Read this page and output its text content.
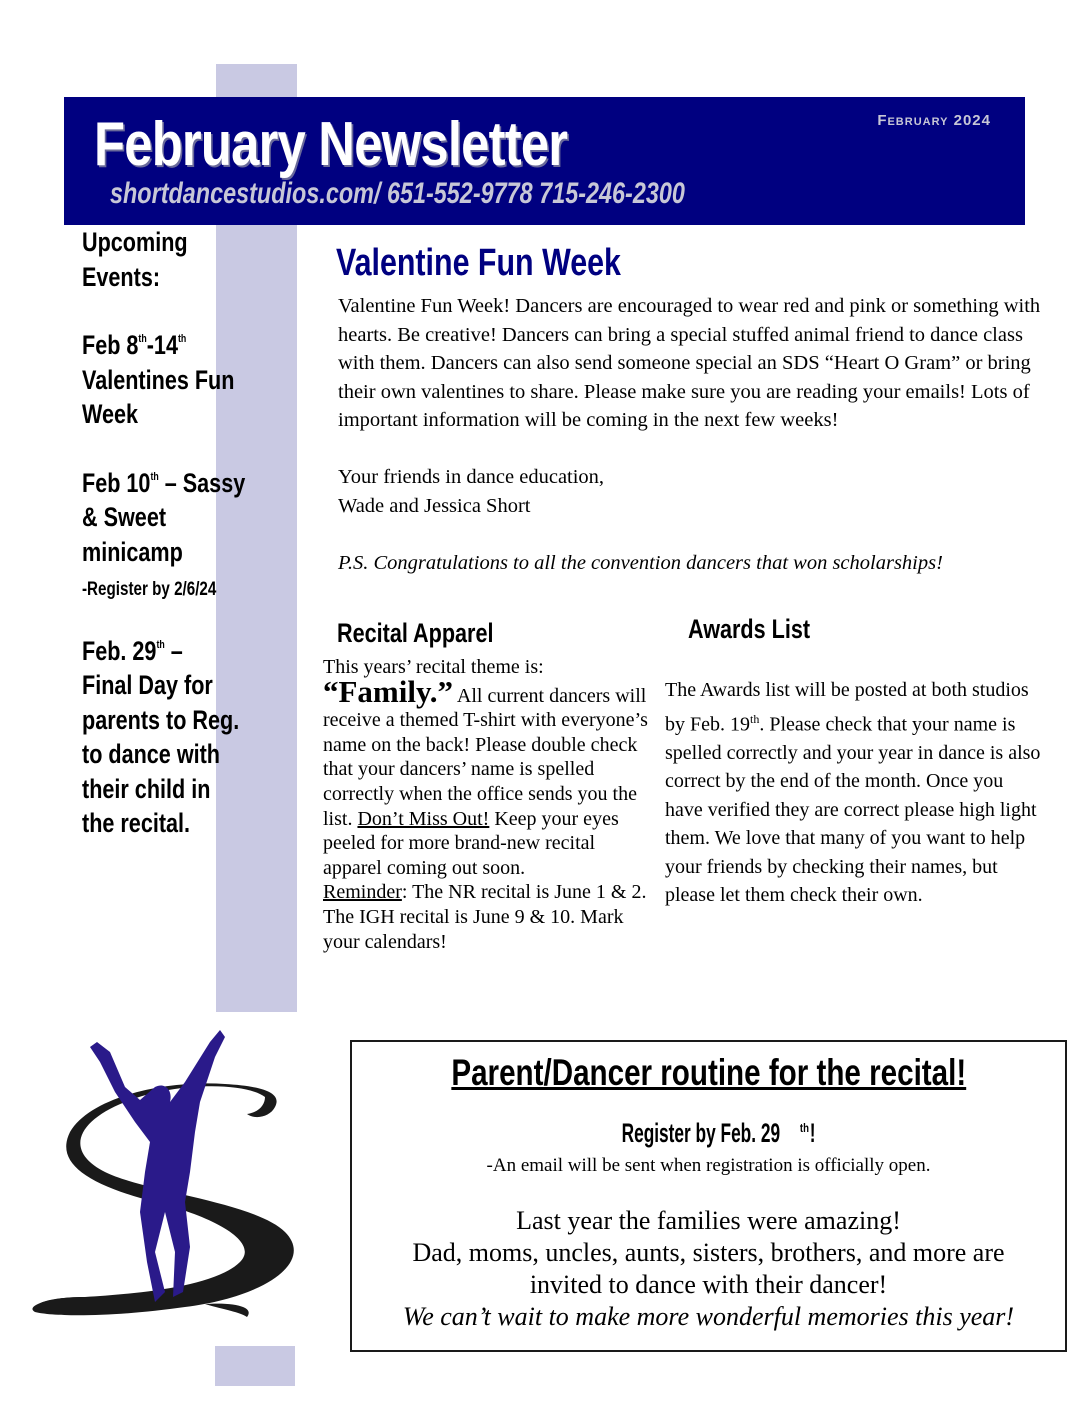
February Newsletter
shortdancestudios.com/ 651-552-9778 715-246-2300
February 2024
Upcoming
Events:
Feb 8th-14th
Valentines Fun
Week
Feb 10th – Sassy
& Sweet
minicamp
-Register by 2/6/24
Feb. 29th –
Final Day for
parents to Reg.
to dance with
their child in
the recital.
Valentine Fun Week

Valentine Fun Week! Dancers are encouraged to wear red and pink or something with hearts. Be creative! Dancers can bring a special stuffed animal friend to dance class with them. Dancers can also send someone special an SDS “Heart O Gram” or bring their own valentines to share. Please make sure you are reading your emails! Lots of important information will be coming in the next few weeks!

Your friends in dance education,

Wade and Jessica Short

P.S. Congratulations to all the convention dancers that won scholarships!

Recital Apparel
This years’ recital theme is:
“Family.” All current dancers will receive a themed T-shirt with everyone’s name on the back! Please double check that your dancers’ name is spelled correctly when the office sends you the list. Don’t Miss Out! Keep your eyes peeled for more brand-new recital apparel coming out soon.
Reminder: The NR recital is June 1 & 2. The IGH recital is June 9 & 10. Mark your calendars!
Awards List
The Awards list will be posted at both studios by Feb. 19th. Please check that your name is spelled correctly and your year in dance is also correct by the end of the month. Once you have verified they are correct please high light them. We love that many of you want to help your friends by checking their names, but please let them check their own.
Parent/Dancer routine for the recital!
Register by Feb. 29 $^{th}$!
-An email will be sent when registration is officially open.
Last year the families were amazing!
Dad, moms, uncles, aunts, sisters, brothers, and more are
invited to dance with their dancer!
We can’t wait to make more wonderful memories this year!
